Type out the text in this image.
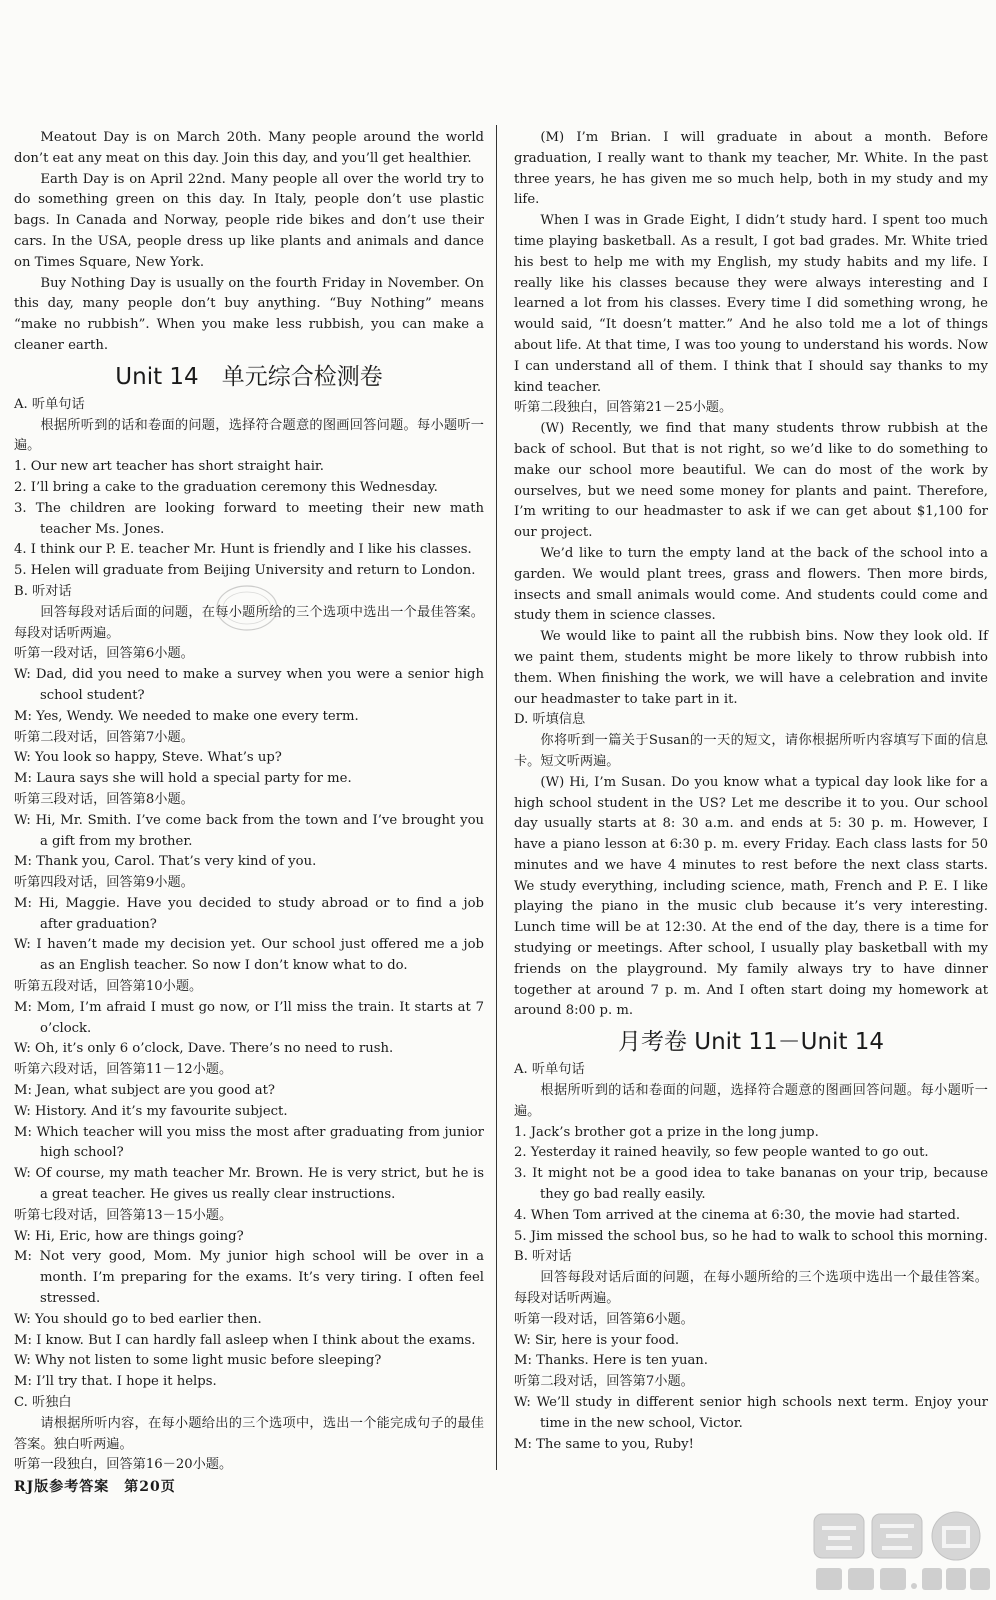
Meatout Day is on March 20th. Many people around the world don’t eat any meat on this day. Join this day, and you’ll get healthier.

Earth Day is on April 22nd. Many people all over the world try to do something green on this day. In Italy, people don’t use plastic bags. In Canada and Norway, people ride bikes and don’t use their cars. In the USA, people dress up like plants and animals and dance on Times Square, New York.

Buy Nothing Day is usually on the fourth Friday in November. On this day, many people don’t buy anything. “Buy Nothing” means “make no rubbish”. When you make less rubbish, you can make a cleaner earth.

Unit 14　单元综合检测卷

A. 听单句话

根据所听到的话和卷面的问题，选择符合题意的图画回答问题。每小题听一遍。

1. Our new art teacher has short straight hair.

2. I’ll bring a cake to the graduation ceremony this Wednesday.

3. The children are looking forward to meeting their new math teacher Ms. Jones.

4. I think our P. E. teacher Mr. Hunt is friendly and I like his classes.

5. Helen will graduate from Beijing University and return to London.

B. 听对话

回答每段对话后面的问题，在每小题所给的三个选项中选出一个最佳答案。每段对话听两遍。

听第一段对话，回答第6小题。

W: Dad, did you need to make a survey when you were a senior high school student?

M: Yes, Wendy. We needed to make one every term.

听第二段对话，回答第7小题。

W: You look so happy, Steve. What’s up?

M: Laura says she will hold a special party for me.

听第三段对话，回答第8小题。

W: Hi, Mr. Smith. I’ve come back from the town and I’ve brought you a gift from my brother.

M: Thank you, Carol. That’s very kind of you.

听第四段对话，回答第9小题。

M: Hi, Maggie. Have you decided to study abroad or to find a job after graduation?

W: I haven’t made my decision yet. Our school just offered me a job as an English teacher. So now I don’t know what to do.

听第五段对话，回答第10小题。

M: Mom, I’m afraid I must go now, or I’ll miss the train. It starts at 7 o’clock.

W: Oh, it’s only 6 o’clock, Dave. There’s no need to rush.

听第六段对话，回答第11－12小题。

M: Jean, what subject are you good at?

W: History. And it’s my favourite subject.

M: Which teacher will you miss the most after graduating from junior high school?

W: Of course, my math teacher Mr. Brown. He is very strict, but he is a great teacher. He gives us really clear instructions.

听第七段对话，回答第13－15小题。

W: Hi, Eric, how are things going?

M: Not very good, Mom. My junior high school will be over in a month. I’m preparing for the exams. It’s very tiring. I often feel stressed.

W: You should go to bed earlier then.

M: I know. But I can hardly fall asleep when I think about the exams.

W: Why not listen to some light music before sleeping?

M: I’ll try that. I hope it helps.

C. 听独白

请根据所听内容，在每小题给出的三个选项中，选出一个能完成句子的最佳答案。独白听两遍。

听第一段独白，回答第16－20小题。

(M) I’m Brian. I will graduate in about a month. Before graduation, I really want to thank my teacher, Mr. White. In the past three years, he has given me so much help, both in my study and my life.

When I was in Grade Eight, I didn’t study hard. I spent too much time playing basketball. As a result, I got bad grades. Mr. White tried his best to help me with my English, my study habits and my life. I really like his classes because they were always interesting and I learned a lot from his classes. Every time I did something wrong, he would said, “It doesn’t matter.” And he also told me a lot of things about life. At that time, I was too young to understand his words. Now I can understand all of them. I think that I should say thanks to my kind teacher.

听第二段独白，回答第21－25小题。

(W) Recently, we find that many students throw rubbish at the back of school. But that is not right, so we’d like to do something to make our school more beautiful. We can do most of the work by ourselves, but we need some money for plants and paint. Therefore, I’m writing to our headmaster to ask if we can get about $1,100 for our project.

We’d like to turn the empty land at the back of the school into a garden. We would plant trees, grass and flowers. Then more birds, insects and small animals would come. And students could come and study them in science classes.

We would like to paint all the rubbish bins. Now they look old. If we paint them, students might be more likely to throw rubbish into them. When finishing the work, we will have a celebration and invite our headmaster to take part in it.

D. 听填信息

你将听到一篇关于Susan的一天的短文，请你根据所听内容填写下面的信息卡。短文听两遍。

(W) Hi, I’m Susan. Do you know what a typical day look like for a high school student in the US? Let me describe it to you. Our school day usually starts at 8: 30 a.m. and ends at 5: 30 p. m. However, I have a piano lesson at 6:30 p. m. every Friday. Each class lasts for 50 minutes and we have 4 minutes to rest before the next class starts. We study everything, including science, math, French and P. E. I like playing the piano in the music club because it’s very interesting. Lunch time will be at 12:30. At the end of the day, there is a time for studying or meetings. After school, I usually play basketball with my friends on the playground. My family always try to have dinner together at around 7 p. m. And I often start doing my homework at around 8:00 p. m.

月考卷 Unit 11－Unit 14

A. 听单句话

根据所听到的话和卷面的问题，选择符合题意的图画回答问题。每小题听一遍。

1. Jack’s brother got a prize in the long jump.

2. Yesterday it rained heavily, so few people wanted to go out.

3. It might not be a good idea to take bananas on your trip, because they go bad really easily.

4. When Tom arrived at the cinema at 6:30, the movie had started.

5. Jim missed the school bus, so he had to walk to school this morning.

B. 听对话

回答每段对话后面的问题，在每小题所给的三个选项中选出一个最佳答案。每段对话听两遍。

听第一段对话，回答第6小题。

W: Sir, here is your food.

M: Thanks. Here is ten yuan.

听第二段对话，回答第7小题。

W: We’ll study in different senior high schools next term. Enjoy your time in the new school, Victor.

M: The same to you, Ruby!

RJ版参考答案　第20页
